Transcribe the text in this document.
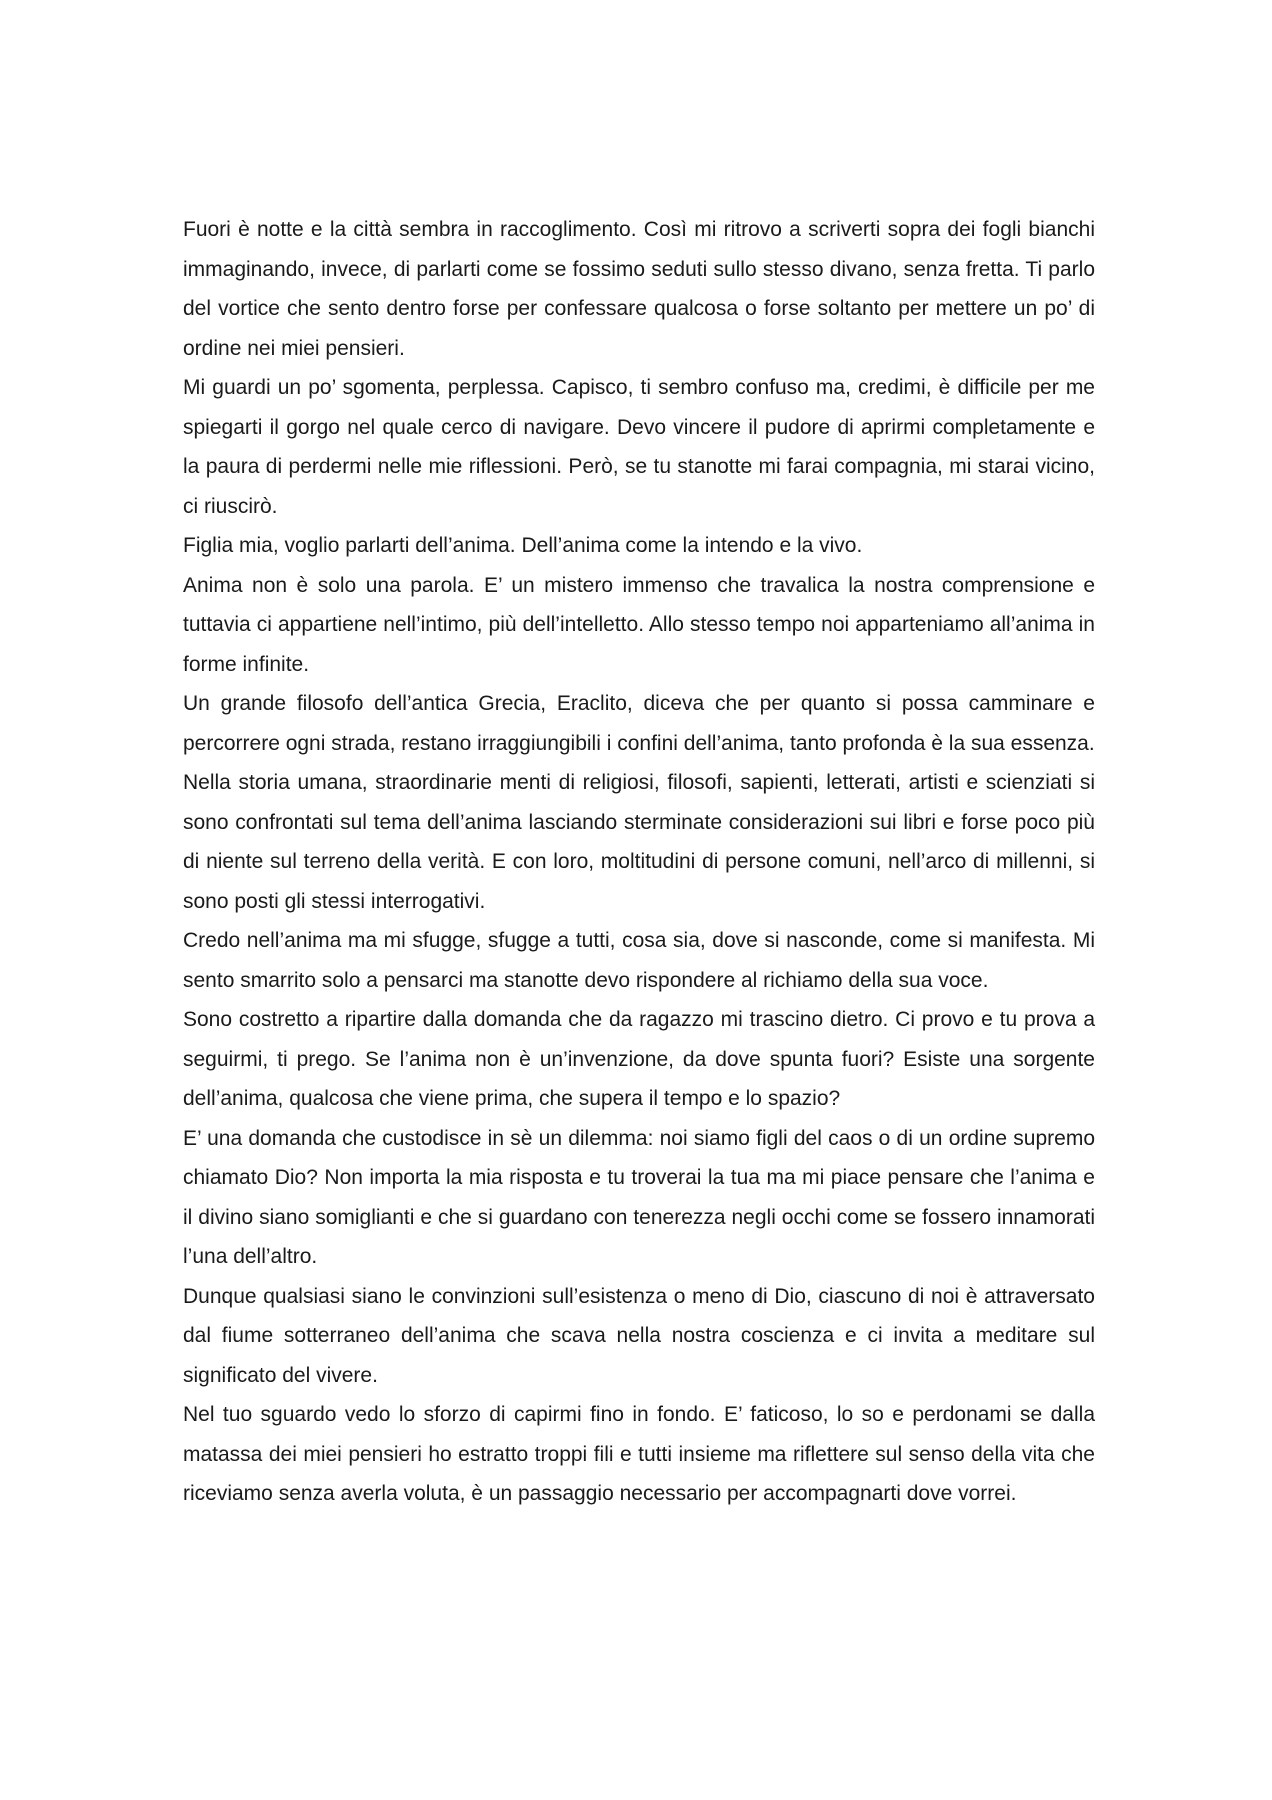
Fuori è notte e la città sembra in raccoglimento. Così mi ritrovo a scriverti sopra dei fogli bianchi immaginando, invece, di parlarti come se fossimo seduti sullo stesso divano, senza fretta. Ti parlo del vortice che sento dentro forse per confessare qualcosa o forse soltanto per mettere un po’ di ordine nei miei pensieri.

Mi guardi un po’ sgomenta, perplessa. Capisco, ti sembro confuso ma, credimi, è difficile per me spiegarti il gorgo nel quale cerco di navigare. Devo vincere il pudore di aprirmi completamente e la paura di perdermi nelle mie riflessioni. Però, se tu stanotte mi farai compagnia, mi starai vicino, ci riuscirò.

Figlia mia, voglio parlarti dell’anima. Dell’anima come la intendo e la vivo.

Anima non è solo una parola. E’ un mistero immenso che travalica la nostra comprensione e tuttavia ci appartiene nell’intimo, più dell’intelletto. Allo stesso tempo noi apparteniamo all’anima in forme infinite.

Un grande filosofo dell’antica Grecia, Eraclito, diceva che per quanto si possa camminare e percorrere ogni strada, restano irraggiungibili i confini dell’anima, tanto profonda è la sua essenza.

Nella storia umana, straordinarie menti di religiosi, filosofi, sapienti, letterati, artisti e scienziati si sono confrontati sul tema dell’anima lasciando sterminate considerazioni sui libri e forse poco più di niente sul terreno della verità. E con loro, moltitudini di persone comuni, nell’arco di millenni, si sono posti gli stessi interrogativi.

Credo nell’anima ma mi sfugge, sfugge a tutti, cosa sia, dove si nasconde, come si manifesta. Mi sento smarrito solo a pensarci ma stanotte devo rispondere al richiamo della sua voce.

Sono costretto a ripartire dalla domanda che da ragazzo mi trascino dietro. Ci provo e tu prova a seguirmi, ti prego. Se l’anima non è un’invenzione, da dove spunta fuori? Esiste una sorgente dell’anima, qualcosa che viene prima, che supera il tempo e lo spazio?

E’ una domanda che custodisce in sè un dilemma: noi siamo figli del caos o di un ordine supremo chiamato Dio? Non importa la mia risposta e tu troverai la tua ma mi piace pensare che l’anima e il divino siano somiglianti e che si guardano con tenerezza negli occhi come se fossero innamorati l’una dell’altro.

Dunque qualsiasi siano le convinzioni sull’esistenza o meno di Dio, ciascuno di noi è attraversato dal fiume sotterraneo dell’anima che scava nella nostra coscienza e ci invita a meditare sul significato del vivere.

Nel tuo sguardo vedo lo sforzo di capirmi fino in fondo. E’ faticoso, lo so e perdonami se dalla matassa dei miei pensieri ho estratto troppi fili e tutti insieme ma riflettere sul senso della vita che riceviamo senza averla voluta, è un passaggio necessario per accompagnarti dove vorrei.
